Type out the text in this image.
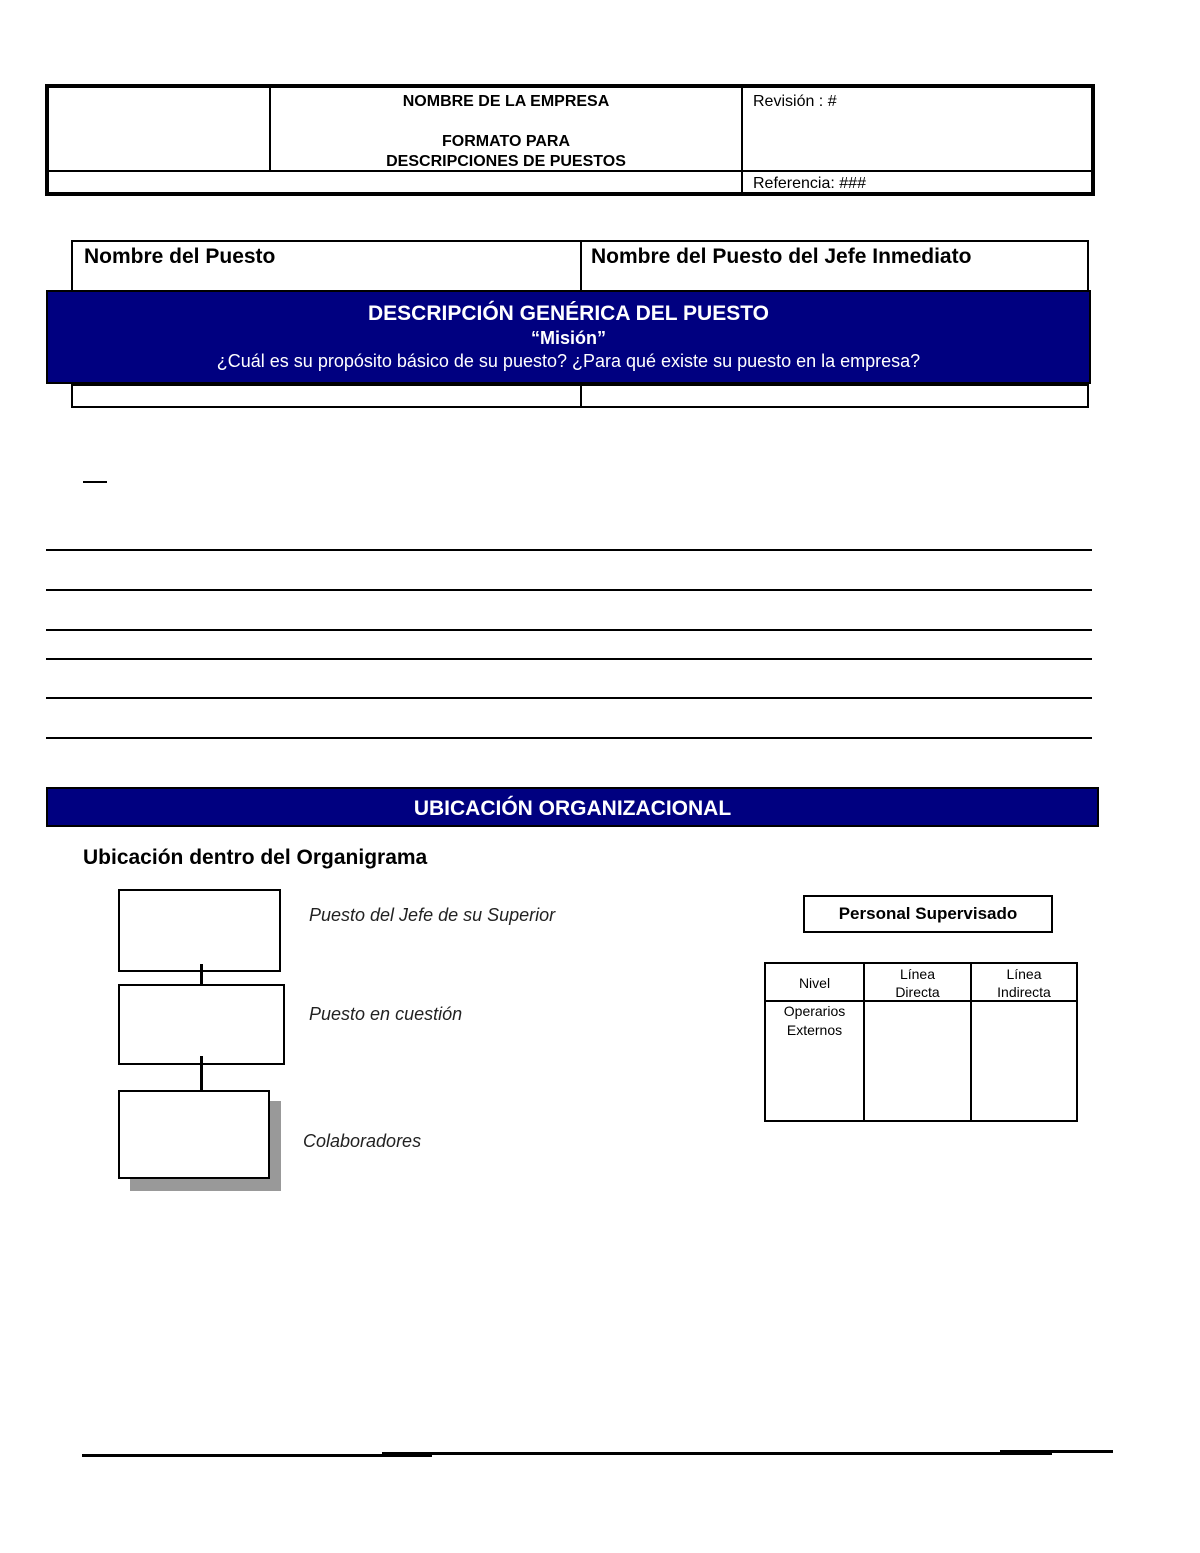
NOMBRE DE LA EMPRESA
FORMATO PARA
DESCRIPCIONES DE PUESTOS
Revisión : #
Referencia: ###
Nombre del Puesto	Nombre del Puesto del Jefe Inmediato
DESCRIPCIÓN GENÉRICA DEL PUESTO
“Misión”
¿Cuál es su propósito básico de su puesto? ¿Para qué existe su puesto en la empresa?
UBICACIÓN ORGANIZACIONAL
Ubicación dentro del Organigrama
Puesto del Jefe de su Superior
Puesto en cuestión
Colaboradores
Personal Supervisado
Nivel
Línea
Directa
Línea
Indirecta
Operarios
Externos
